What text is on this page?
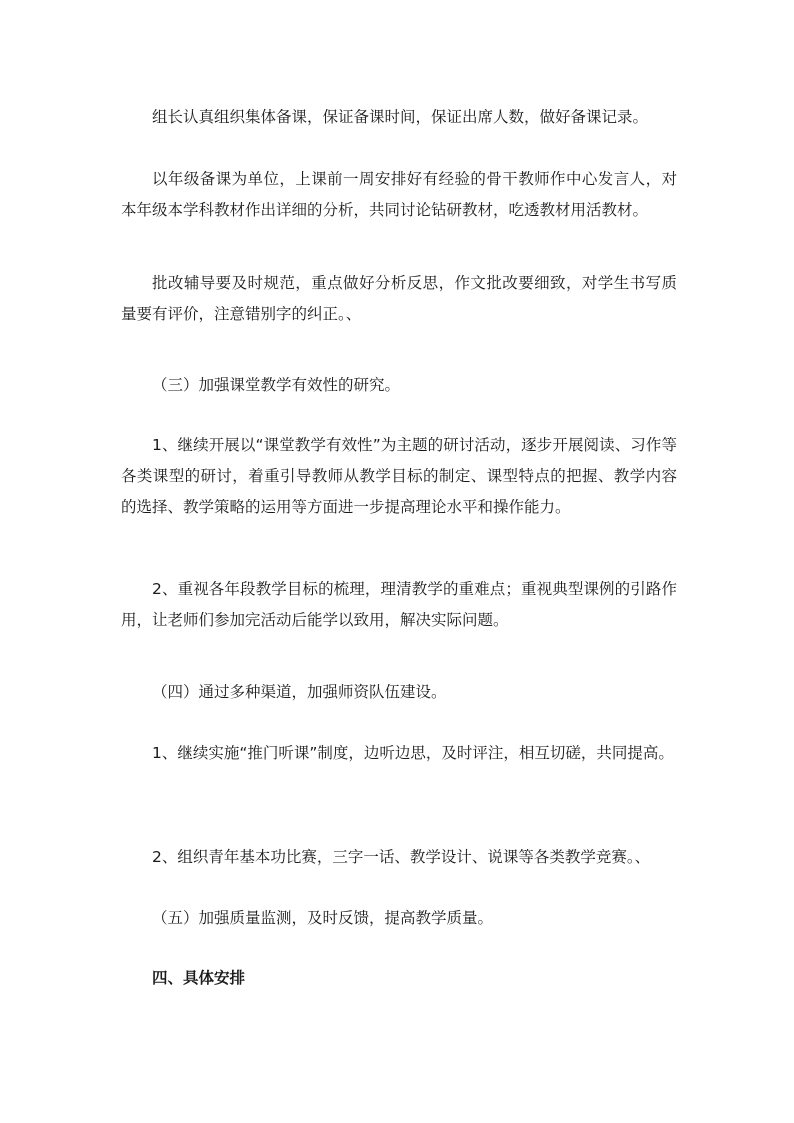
组长认真组织集体备课，保证备课时间，保证出席人数，做好备课记录。

以年级备课为单位，上课前一周安排好有经验的骨干教师作中心发言人，对本年级本学科教材作出详细的分析，共同讨论钻研教材，吃透教材用活教材。

批改辅导要及时规范，重点做好分析反思，作文批改要细致，对学生书写质量要有评价，注意错别字的纠正。、

（三）加强课堂教学有效性的研究。

1、继续开展以“课堂教学有效性”为主题的研讨活动，逐步开展阅读、习作等各类课型的研讨，着重引导教师从教学目标的制定、课型特点的把握、教学内容的选择、教学策略的运用等方面进一步提高理论水平和操作能力。

2、重视各年段教学目标的梳理，理清教学的重难点；重视典型课例的引路作用，让老师们参加完活动后能学以致用，解决实际问题。

（四）通过多种渠道，加强师资队伍建设。

1、继续实施“推门听课”制度，边听边思，及时评注，相互切磋，共同提高。

2、组织青年基本功比赛，三字一话、教学设计、说课等各类教学竞赛。、

（五）加强质量监测，及时反馈，提高教学质量。

四、具体安排
